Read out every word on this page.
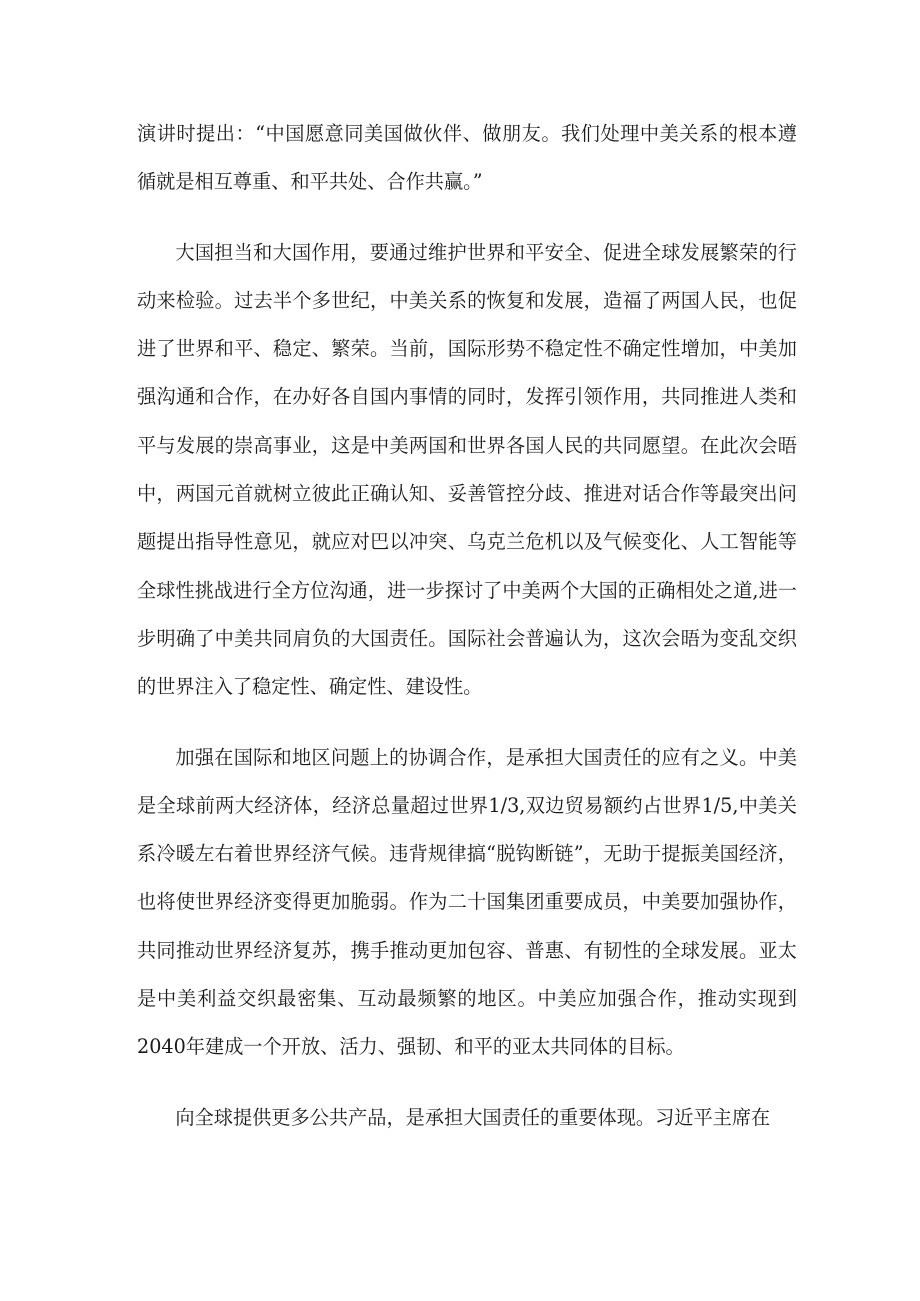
演讲时提出：“中国愿意同美国做伙伴、做朋友。我们处理中美关系的根本遵循就是相互尊重、和平共处、合作共赢。”

大国担当和大国作用，要通过维护世界和平安全、促进全球发展繁荣的行动来检验。过去半个多世纪，中美关系的恢复和发展，造福了两国人民，也促进了世界和平、稳定、繁荣。当前，国际形势不稳定性不确定性增加，中美加强沟通和合作，在办好各自国内事情的同时，发挥引领作用，共同推进人类和平与发展的崇高事业，这是中美两国和世界各国人民的共同愿望。在此次会晤中，两国元首就树立彼此正确认知、妥善管控分歧、推进对话合作等最突出问题提出指导性意见，就应对巴以冲突、乌克兰危机以及气候变化、人工智能等全球性挑战进行全方位沟通，进一步探讨了中美两个大国的正确相处之道,进一步明确了中美共同肩负的大国责任。国际社会普遍认为，这次会晤为变乱交织的世界注入了稳定性、确定性、建设性。

加强在国际和地区问题上的协调合作，是承担大国责任的应有之义。中美是全球前两大经济体，经济总量超过世界1/3,双边贸易额约占世界1/5,中美关系冷暖左右着世界经济气候。违背规律搞“脱钩断链”，无助于提振美国经济，也将使世界经济变得更加脆弱。作为二十国集团重要成员，中美要加强协作，共同推动世界经济复苏，携手推动更加包容、普惠、有韧性的全球发展。亚太是中美利益交织最密集、互动最频繁的地区。中美应加强合作，推动实现到2040年建成一个开放、活力、强韧、和平的亚太共同体的目标。

向全球提供更多公共产品，是承担大国责任的重要体现。习近平主席在
